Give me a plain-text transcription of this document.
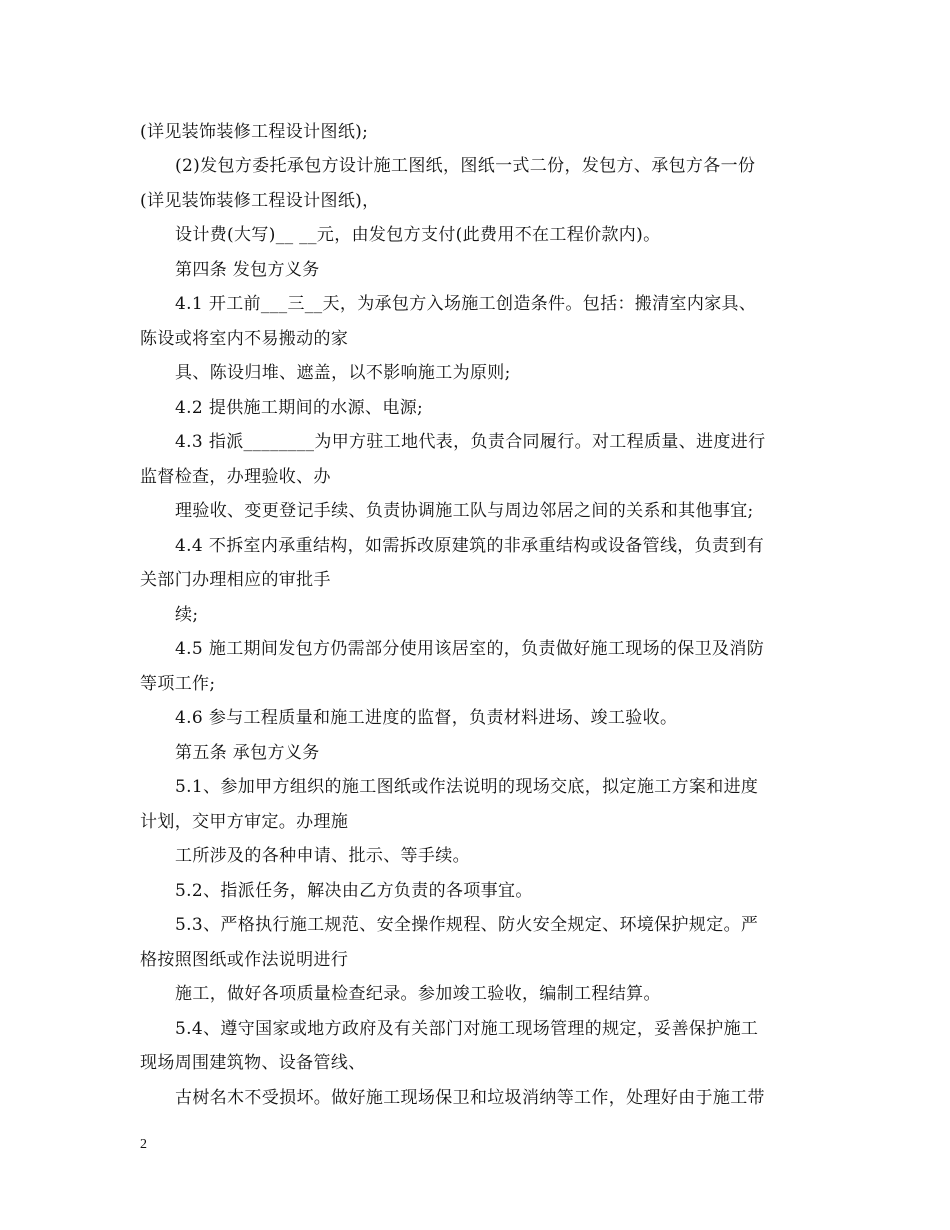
(详见装饰装修工程设计图纸);
(2)发包方委托承包方设计施工图纸，图纸一式二份，发包方、承包方各一份
(详见装饰装修工程设计图纸)，
设计费(大写)__ __元，由发包方支付(此费用不在工程价款内)。
第四条 发包方义务
4.1 开工前___三__天，为承包方入场施工创造条件。包括：搬清室内家具、
陈设或将室内不易搬动的家
具、陈设归堆、遮盖，以不影响施工为原则;
4.2 提供施工期间的水源、电源;
4.3 指派________为甲方驻工地代表，负责合同履行。对工程质量、进度进行
监督检查，办理验收、办
理验收、变更登记手续、负责协调施工队与周边邻居之间的关系和其他事宜;
4.4 不拆室内承重结构，如需拆改原建筑的非承重结构或设备管线，负责到有
关部门办理相应的审批手
续;
4.5 施工期间发包方仍需部分使用该居室的，负责做好施工现场的保卫及消防
等项工作;
4.6 参与工程质量和施工进度的监督，负责材料进场、竣工验收。
第五条 承包方义务
5.1、参加甲方组织的施工图纸或作法说明的现场交底，拟定施工方案和进度
计划，交甲方审定。办理施
工所涉及的各种申请、批示、等手续。
5.2、指派任务，解决由乙方负责的各项事宜。
5.3、严格执行施工规范、安全操作规程、防火安全规定、环境保护规定。严
格按照图纸或作法说明进行
施工，做好各项质量检查纪录。参加竣工验收，编制工程结算。
5.4、遵守国家或地方政府及有关部门对施工现场管理的规定，妥善保护施工
现场周围建筑物、设备管线、
古树名木不受损坏。做好施工现场保卫和垃圾消纳等工作，处理好由于施工带
2
